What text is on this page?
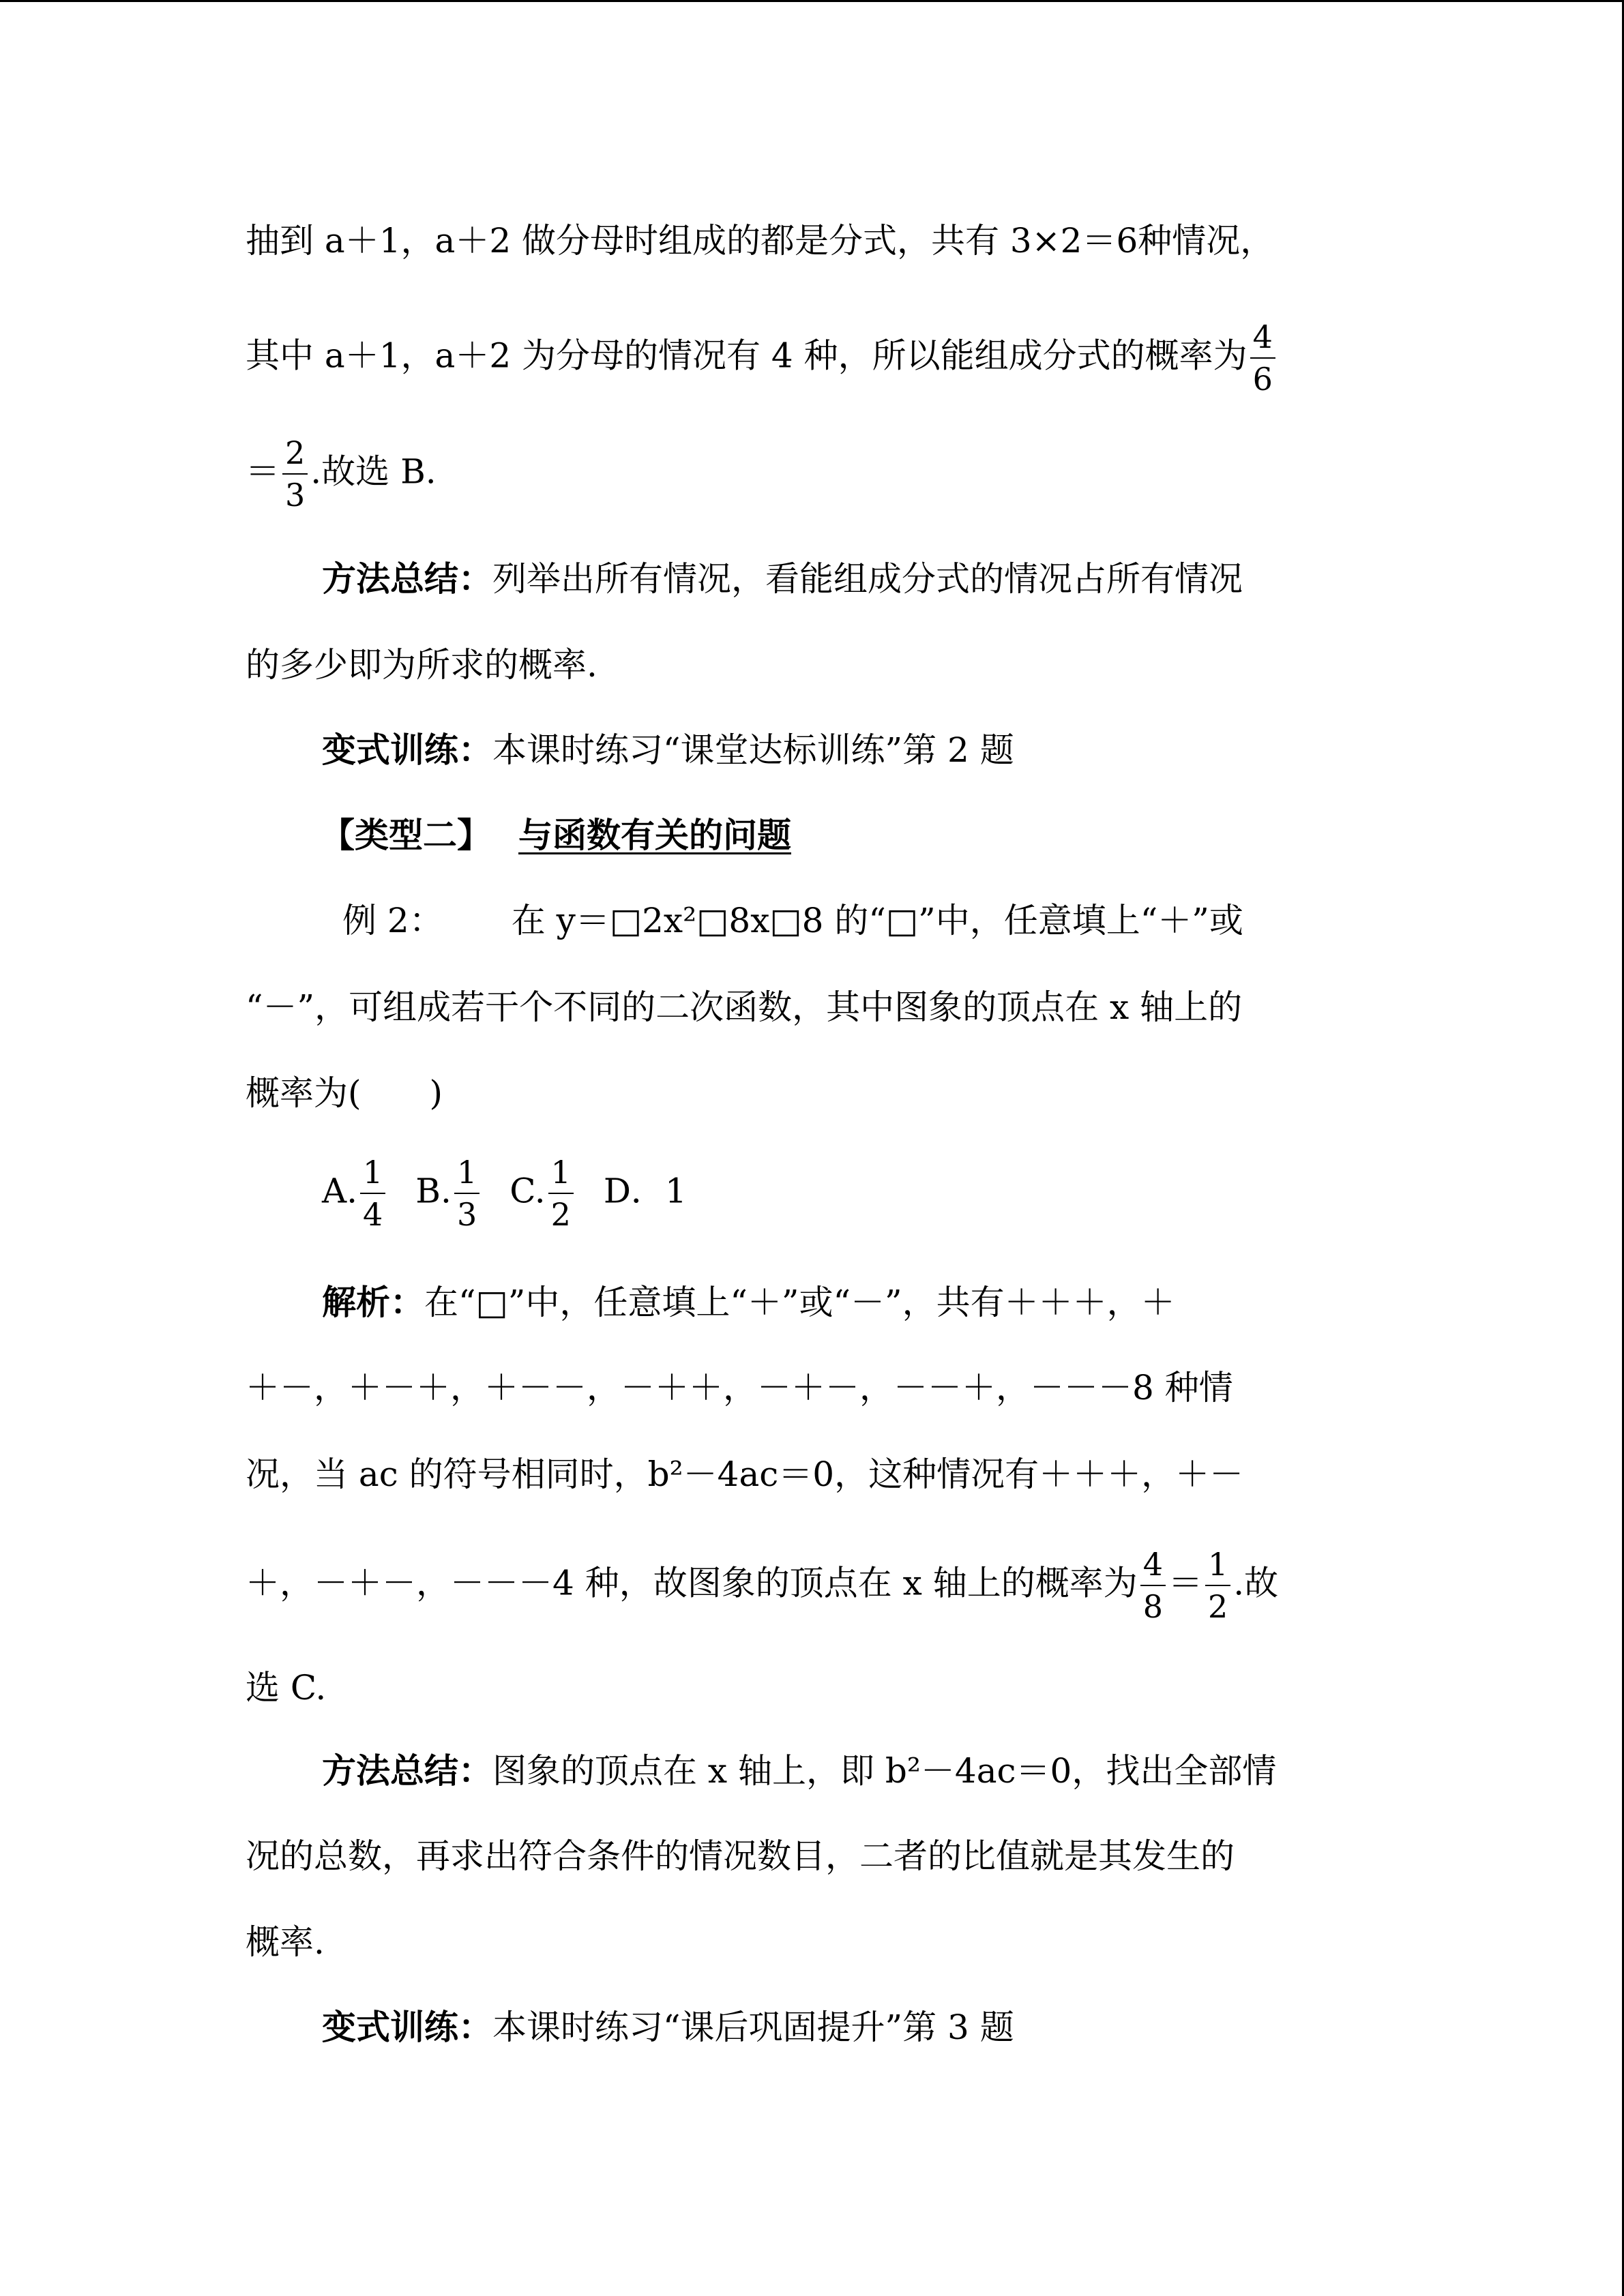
抽到 a＋1，a＋2 做分母时组成的都是分式，共有 3×2＝6种情况，
其中 a＋1，a＋2 为分母的情况有 4 种，所以能组成分式的概率为 $\frac{4}{6}$
＝ $\frac{2}{3}$ .故选 B.
方法总结：列举出所有情况，看能组成分式的情况占所有情况
的多少即为所求的概率.
变式训练：本课时练习“课堂达标训练”第 2 题
【类型二】 与函数有关的问题
例 2： 在 y＝□2x²□8x□8 的“□”中，任意填上“＋”或
“－”，可组成若干个不同的二次函数，其中图象的顶点在 x 轴上的
概率为(　　)
A. $\frac{1}{4} B$. $\frac{1}{3} C$. $\frac{1}{2}$ D．1
解析：在“□”中，任意填上“＋”或“－”，共有＋＋＋，＋
＋－，＋－＋，＋－－，－＋＋，－＋－，－－＋，－－－8 种情
况，当 ac 的符号相同时，b²－4ac＝0，这种情况有＋＋＋，＋－
＋，－＋－，－－－4 种，故图象的顶点在 x 轴上的概率为 $\frac{4}{8} = \frac{1}{2}$ .故
选 C.
方法总结：图象的顶点在 x 轴上，即 b²－4ac＝0，找出全部情
况的总数，再求出符合条件的情况数目，二者的比值就是其发生的
概率.
变式训练：本课时练习“课后巩固提升”第 3 题
